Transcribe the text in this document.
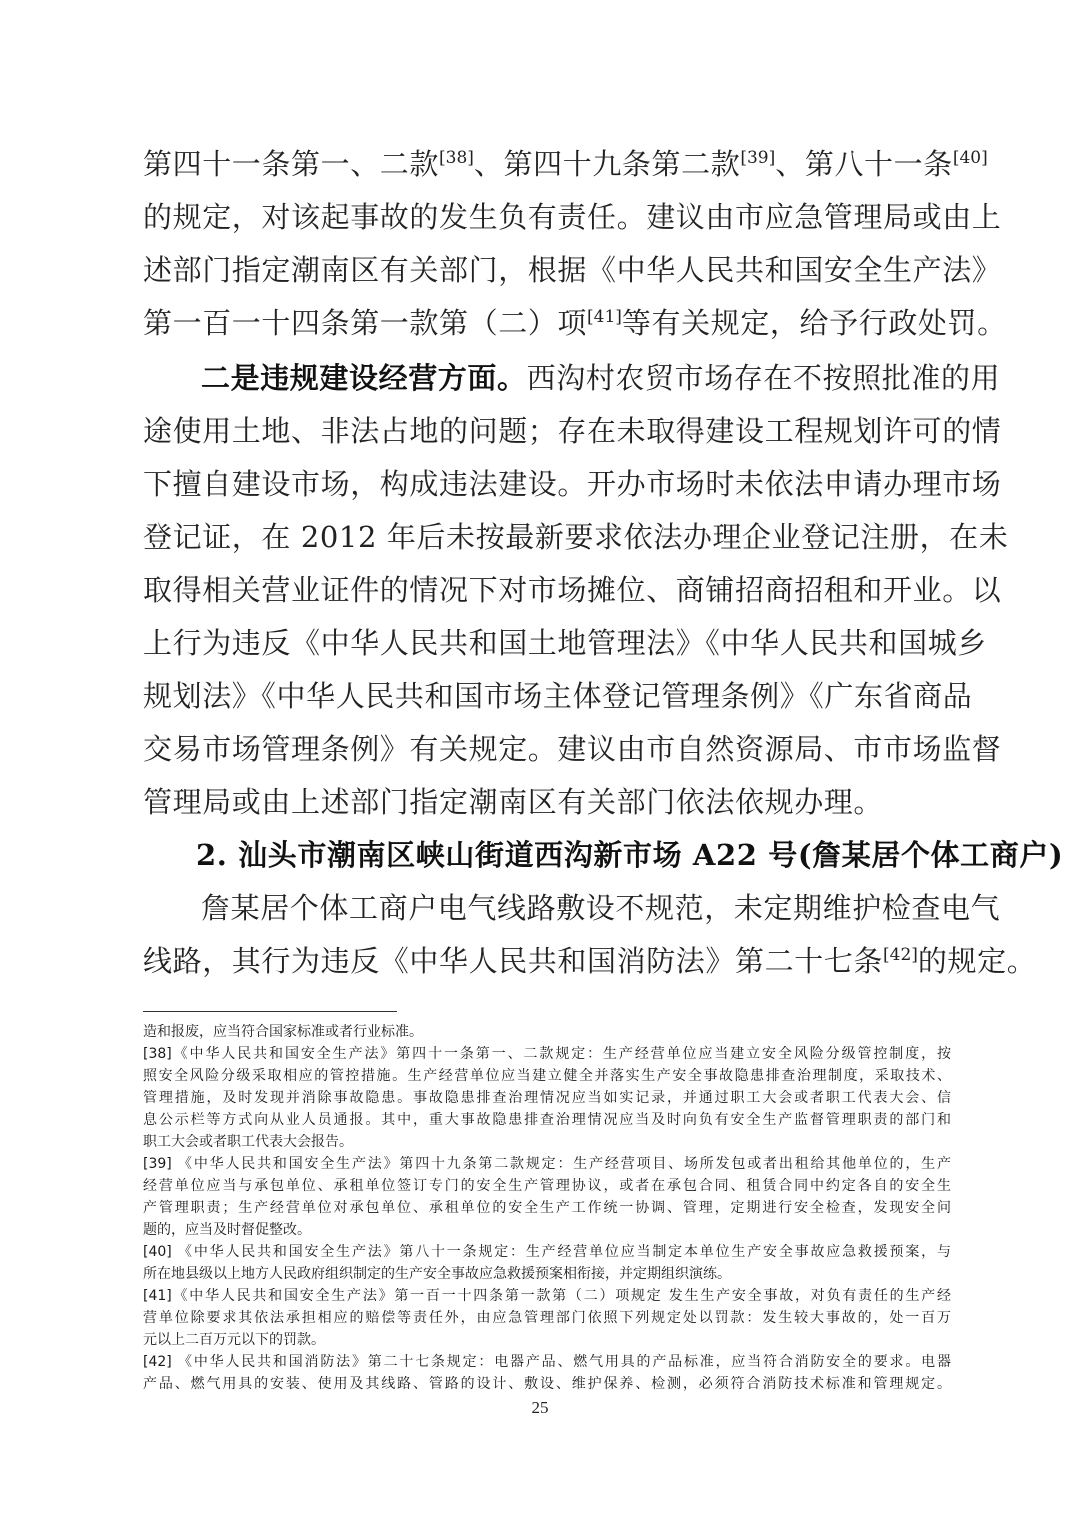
第四十一条第一、二款[38]、第四十九条第二款[39]、第八十一条[40]
的规定，对该起事故的发生负有责任。建议由市应急管理局或由上
述部门指定潮南区有关部门，根据《中华人民共和国安全生产法》
第一百一十四条第一款第（二）项[41]等有关规定，给予行政处罚。
二是违规建设经营方面。西沟村农贸市场存在不按照批准的用
途使用土地、非法占地的问题；存在未取得建设工程规划许可的情
下擅自建设市场，构成违法建设。开办市场时未依法申请办理市场
登记证，在 2012 年后未按最新要求依法办理企业登记注册，在未
取得相关营业证件的情况下对市场摊位、商铺招商招租和开业。以
上行为违反《中华人民共和国土地管理法》《中华人民共和国城乡
规划法》《中华人民共和国市场主体登记管理条例》《广东省商品
交易市场管理条例》有关规定。建议由市自然资源局、市市场监督
管理局或由上述部门指定潮南区有关部门依法依规办理。
2. 汕头市潮南区峡山街道西沟新市场 A22 号(詹某居个体工商户)
詹某居个体工商户电气线路敷设不规范，未定期维护检查电气
线路，其行为违反《中华人民共和国消防法》第二十七条[42]的规定。
造和报废，应当符合国家标准或者行业标准。
[38]《中华人民共和国安全生产法》第四十一条第一、二款规定：生产经营单位应当建立安全风险分级管控制度，按
照安全风险分级采取相应的管控措施。生产经营单位应当建立健全并落实生产安全事故隐患排查治理制度，采取技术、
管理措施，及时发现并消除事故隐患。事故隐患排查治理情况应当如实记录，并通过职工大会或者职工代表大会、信
息公示栏等方式向从业人员通报。其中，重大事故隐患排查治理情况应当及时向负有安全生产监督管理职责的部门和
职工大会或者职工代表大会报告。
[39] 《中华人民共和国安全生产法》第四十九条第二款规定：生产经营项目、场所发包或者出租给其他单位的，生产
经营单位应当与承包单位、承租单位签订专门的安全生产管理协议，或者在承包合同、租赁合同中约定各自的安全生
产管理职责；生产经营单位对承包单位、承租单位的安全生产工作统一协调、管理，定期进行安全检查，发现安全问
题的，应当及时督促整改。
[40] 《中华人民共和国安全生产法》第八十一条规定：生产经营单位应当制定本单位生产安全事故应急救援预案，与
所在地县级以上地方人民政府组织制定的生产安全事故应急救援预案相衔接，并定期组织演练。
[41]《中华人民共和国安全生产法》第一百一十四条第一款第（二）项规定 发生生产安全事故，对负有责任的生产经
营单位除要求其依法承担相应的赔偿等责任外，由应急管理部门依照下列规定处以罚款：发生较大事故的，处一百万
元以上二百万元以下的罚款。
[42] 《中华人民共和国消防法》第二十七条规定：电器产品、燃气用具的产品标准，应当符合消防安全的要求。电器
产品、燃气用具的安装、使用及其线路、管路的设计、敷设、维护保养、检测，必须符合消防技术标准和管理规定。
25
